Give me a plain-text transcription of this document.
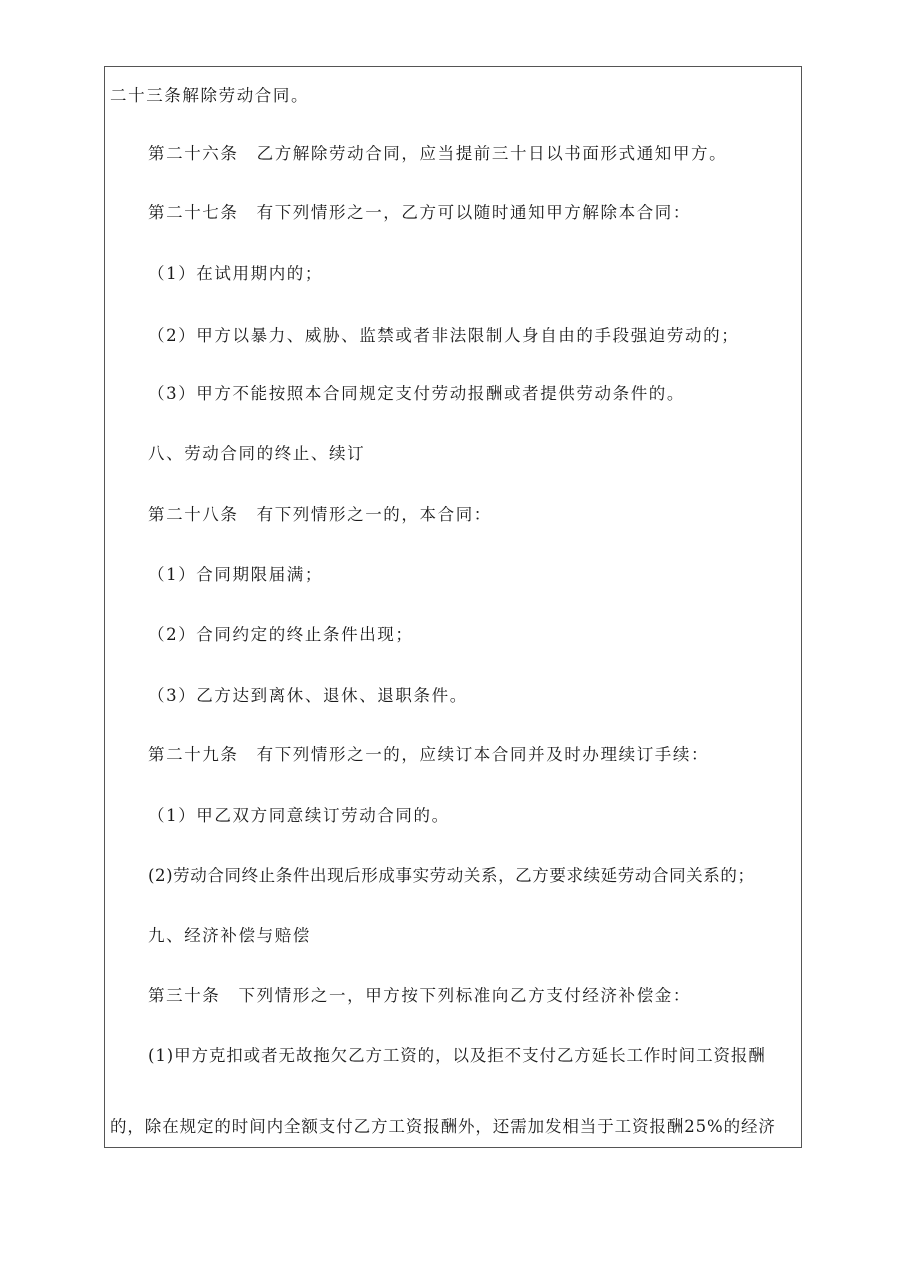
二十三条解除劳动合同。
第二十六条　乙方解除劳动合同，应当提前三十日以书面形式通知甲方。
第二十七条　有下列情形之一，乙方可以随时通知甲方解除本合同：
（1）在试用期内的；
（2）甲方以暴力、威胁、监禁或者非法限制人身自由的手段强迫劳动的；
（3）甲方不能按照本合同规定支付劳动报酬或者提供劳动条件的。
八、劳动合同的终止、续订
第二十八条　有下列情形之一的，本合同：
（1）合同期限届满；
（2）合同约定的终止条件出现；
（3）乙方达到离休、退休、退职条件。
第二十九条　有下列情形之一的，应续订本合同并及时办理续订手续：
（1）甲乙双方同意续订劳动合同的。
(2)劳动合同终止条件出现后形成事实劳动关系，乙方要求续延劳动合同关系的；
九、经济补偿与赔偿
第三十条　下列情形之一，甲方按下列标准向乙方支付经济补偿金：
(1)甲方克扣或者无故拖欠乙方工资的，以及拒不支付乙方延长工作时间工资报酬
的，除在规定的时间内全额支付乙方工资报酬外，还需加发相当于工资报酬25%的经济
